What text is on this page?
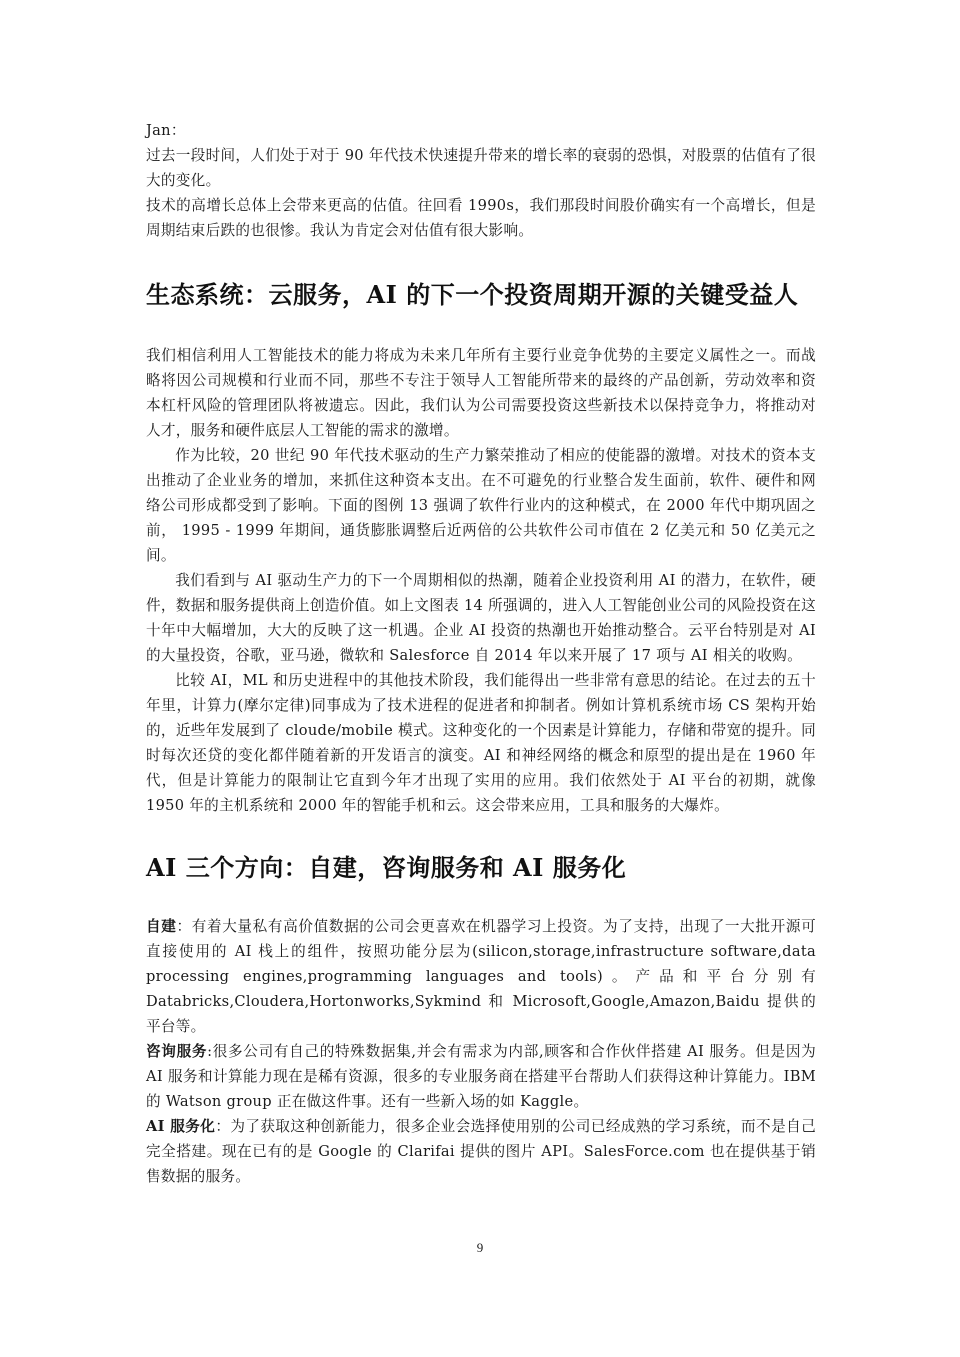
Jan：

过去一段时间，人们处于对于 90 年代技术快速提升带来的增长率的衰弱的恐惧，对股票的估值有了很大的变化。

技术的高增长总体上会带来更高的估值。往回看 1990s，我们那段时间股价确实有一个高增长，但是周期结束后跌的也很惨。我认为肯定会对估值有很大影响。

生态系统：云服务，AI 的下一个投资周期开源的关键受益人

我们相信利用人工智能技术的能力将成为未来几年所有主要行业竞争优势的主要定义属性之一。而战略将因公司规模和行业而不同，那些不专注于领导人工智能所带来的最终的产品创新，劳动效率和资本杠杆风险的管理团队将被遗忘。因此，我们认为公司需要投资这些新技术以保持竞争力，将推动对人才，服务和硬件底层人工智能的需求的激增。

作为比较，20 世纪 90 年代技术驱动的生产力繁荣推动了相应的使能器的激增。对技术的资本支出推动了企业业务的增加，来抓住这种资本支出。在不可避免的行业整合发生面前，软件、硬件和网络公司形成都受到了影响。下面的图例 13 强调了软件行业内的这种模式，在 2000 年代中期巩固之前， 1995 - 1999 年期间，通货膨胀调整后近两倍的公共软件公司市值在 2 亿美元和 50 亿美元之间。

我们看到与 AI 驱动生产力的下一个周期相似的热潮，随着企业投资利用 AI 的潜力，在软件，硬件，数据和服务提供商上创造价值。如上文图表 14 所强调的，进入人工智能创业公司的风险投资在这十年中大幅增加，大大的反映了这一机遇。企业 AI 投资的热潮也开始推动整合。云平台特别是对 AI 的大量投资，谷歌，亚马逊，微软和 Salesforce 自 2014 年以来开展了 17 项与 AI 相关的收购。

比较 AI，ML 和历史进程中的其他技术阶段，我们能得出一些非常有意思的结论。在过去的五十年里，计算力(摩尔定律)同事成为了技术进程的促进者和抑制者。例如计算机系统市场 CS 架构开始的，近些年发展到了 cloude/mobile 模式。这种变化的一个因素是计算能力，存储和带宽的提升。同时每次还贷的变化都伴随着新的开发语言的演变。AI 和神经网络的概念和原型的提出是在 1960 年代，但是计算能力的限制让它直到今年才出现了实用的应用。我们依然处于 AI 平台的初期，就像 1950 年的主机系统和 2000 年的智能手机和云。这会带来应用，工具和服务的大爆炸。

AI 三个方向：自建，咨询服务和 AI 服务化

自建：有着大量私有高价值数据的公司会更喜欢在机器学习上投资。为了支持，出现了一大批开源可直接使用的 AI 栈上的组件，按照功能分层为(silicon,storage,infrastructure software,data processing engines,programming languages and tools)。产品和平台分别有 Databricks,Cloudera,Hortonworks,Sykmind 和 Microsoft,Google,Amazon,Baidu 提供的平台等。

咨询服务:很多公司有自己的特殊数据集,并会有需求为内部,顾客和合作伙伴搭建 AI 服务。但是因为 AI 服务和计算能力现在是稀有资源，很多的专业服务商在搭建平台帮助人们获得这种计算能力。IBM 的 Watson group 正在做这件事。还有一些新入场的如 Kaggle。

AI 服务化：为了获取这种创新能力，很多企业会选择使用别的公司已经成熟的学习系统，而不是自己完全搭建。现在已有的是 Google 的 Clarifai 提供的图片 API。SalesForce.com 也在提供基于销售数据的服务。

9
